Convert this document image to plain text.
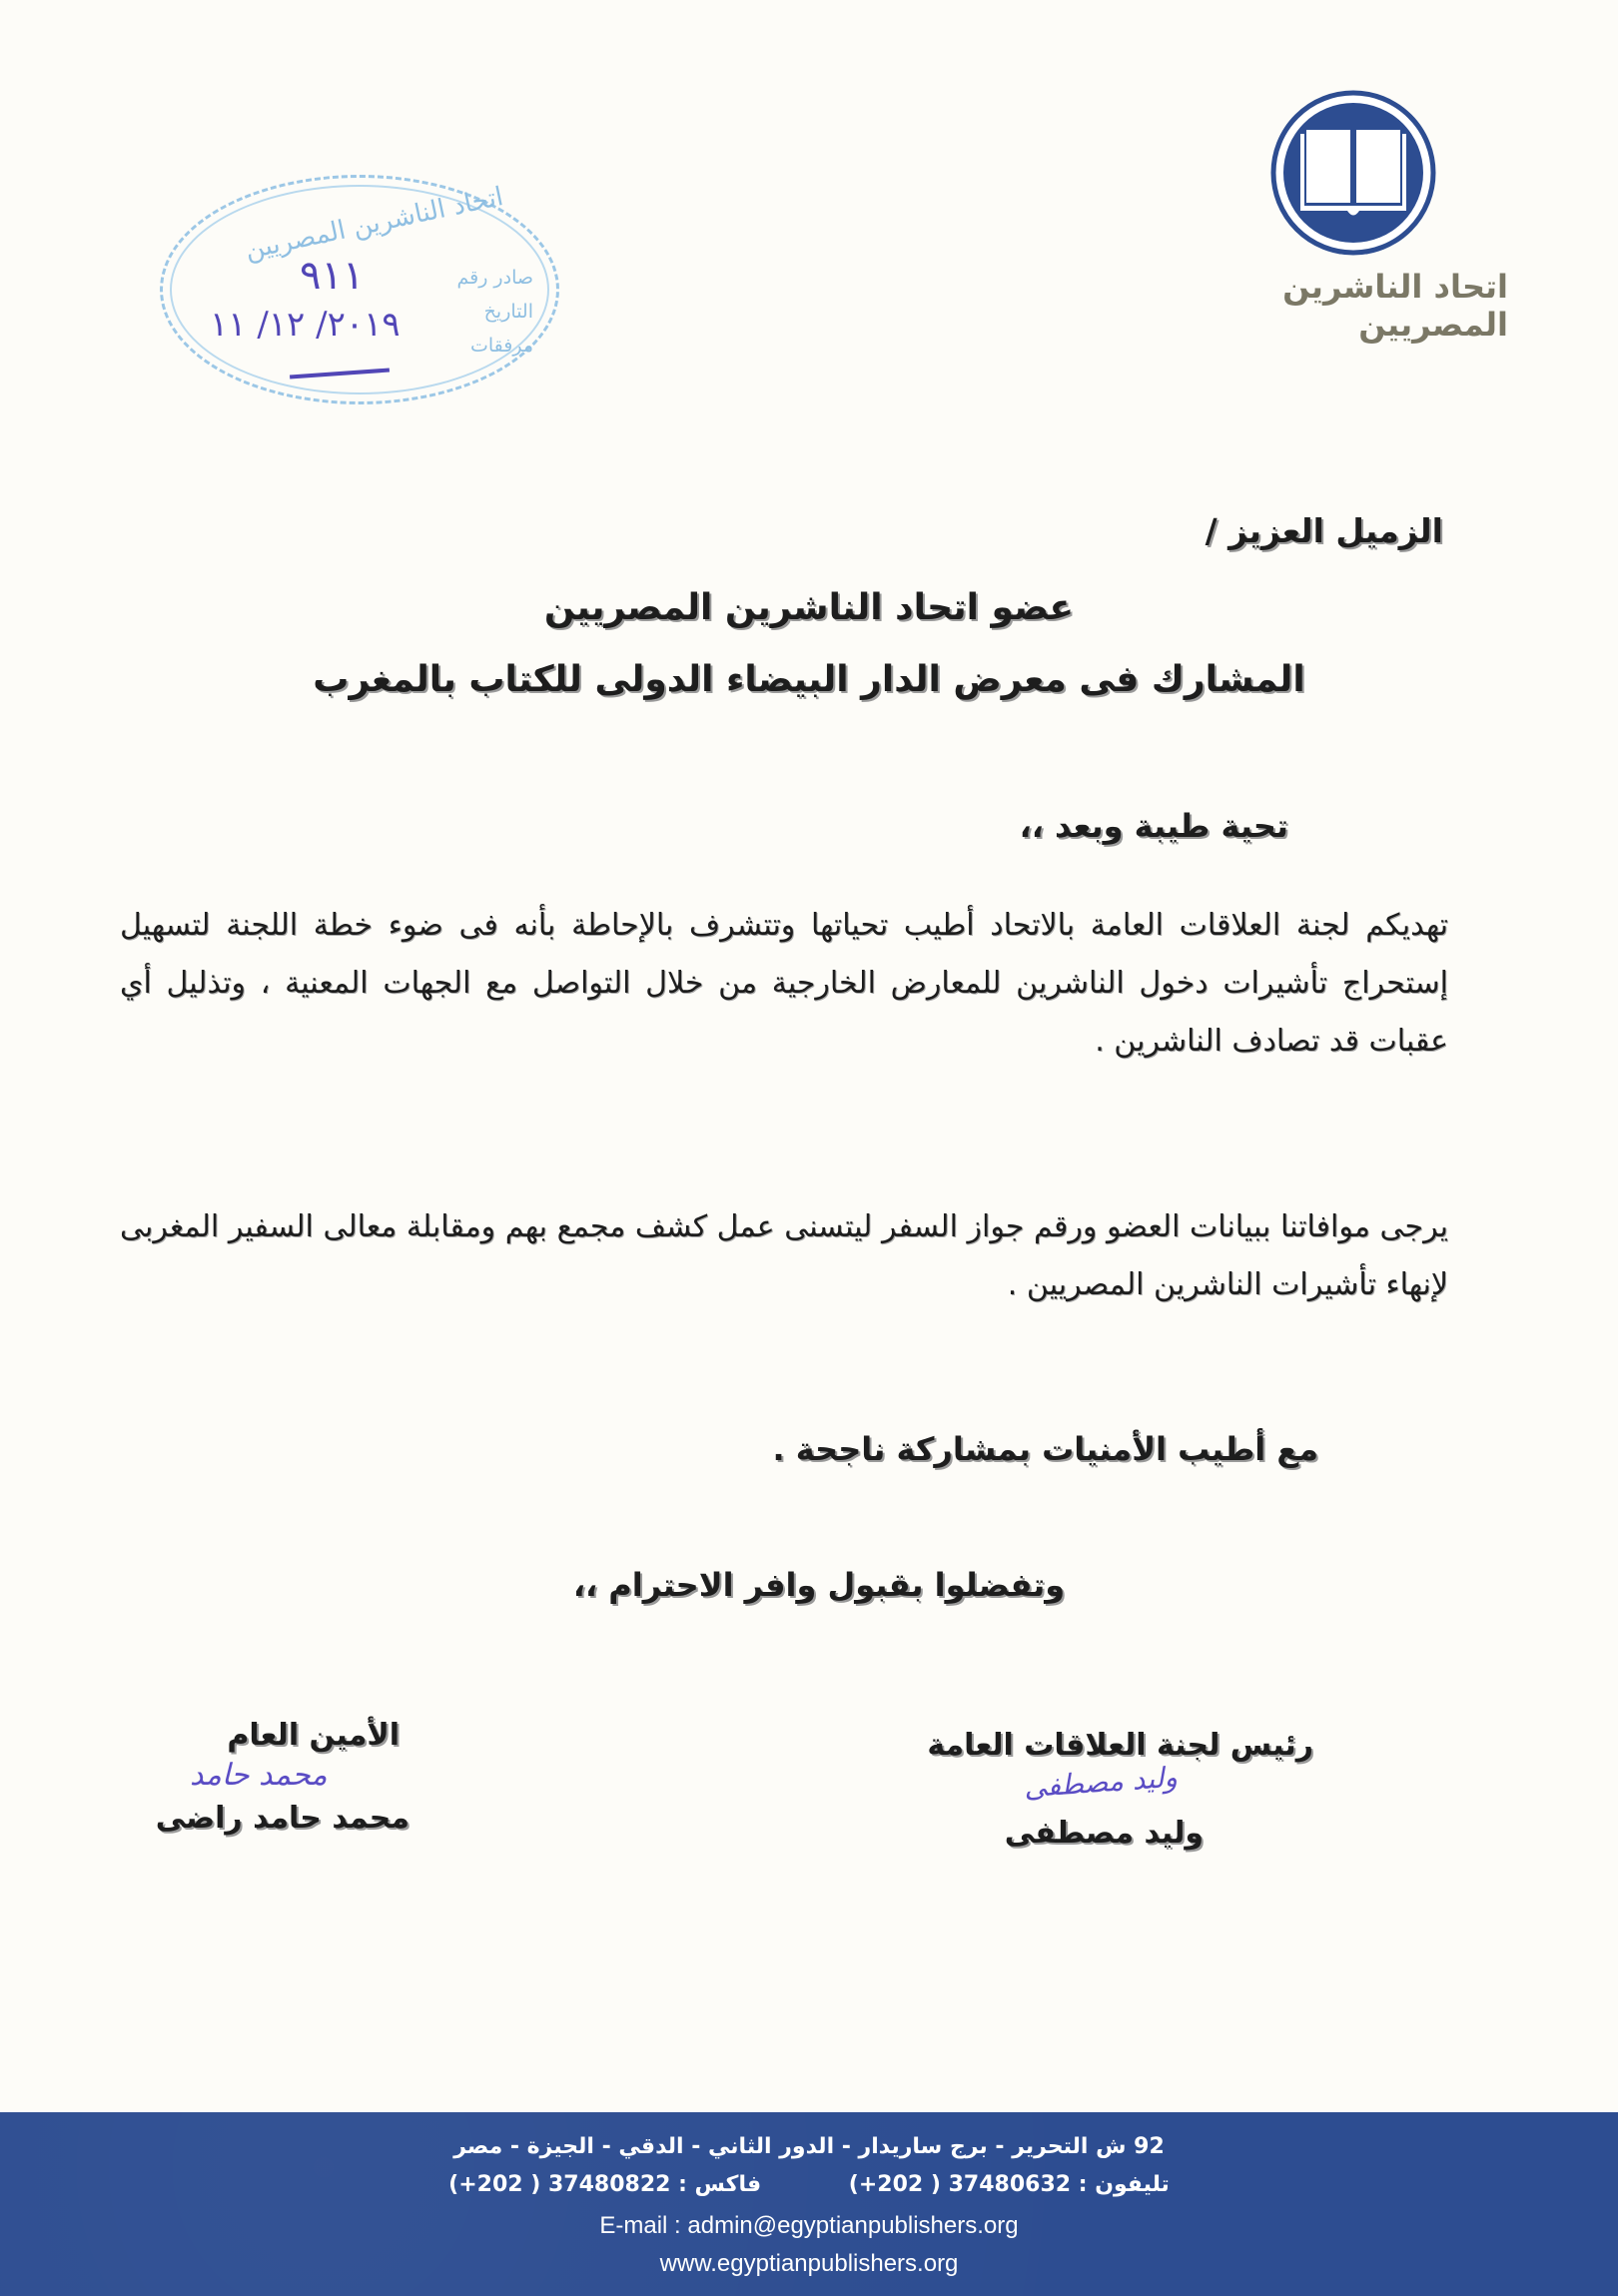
اتحاد الناشرين المصريين
اتحاد الناشرين المصريين
صادر رقم
التاريخ
مرفقات
٩١١
٢٠١٩/ ١٢/ ١١
الزميل العزيز /
عضو اتحاد الناشرين المصريين
المشارك فى معرض الدار البيضاء الدولى للكتاب بالمغرب
تحية طيبة وبعد ،،
تهديكم لجنة العلاقات العامة بالاتحاد أطيب تحياتها وتتشرف بالإحاطة بأنه فى ضوء خطة اللجنة لتسهيل إستحراج تأشيرات دخول الناشرين للمعارض الخارجية من خلال التواصل مع الجهات المعنية ، وتذليل أي عقبات قد تصادف الناشرين .
يرجى موافاتنا ببيانات العضو ورقم جواز السفر ليتسنى عمل كشف مجمع بهم ومقابلة معالى السفير المغربى لإنهاء تأشيرات الناشرين المصريين .
مع أطيب الأمنيات بمشاركة ناجحة .
وتفضلوا بقبول وافر الاحترام ،،
الأمين العام
محمد حامد
محمد حامد راضى
رئيس لجنة العلاقات العامة
وليد مصطفى
وليد مصطفى
92 ش التحرير - برج ساريدار - الدور الثاني - الدقي - الجيزة - مصر
تليفون : 37480632 ( 202+) فاكس : 37480822 ( 202+)
E-mail : admin@egyptianpublishers.org
www.egyptianpublishers.org
